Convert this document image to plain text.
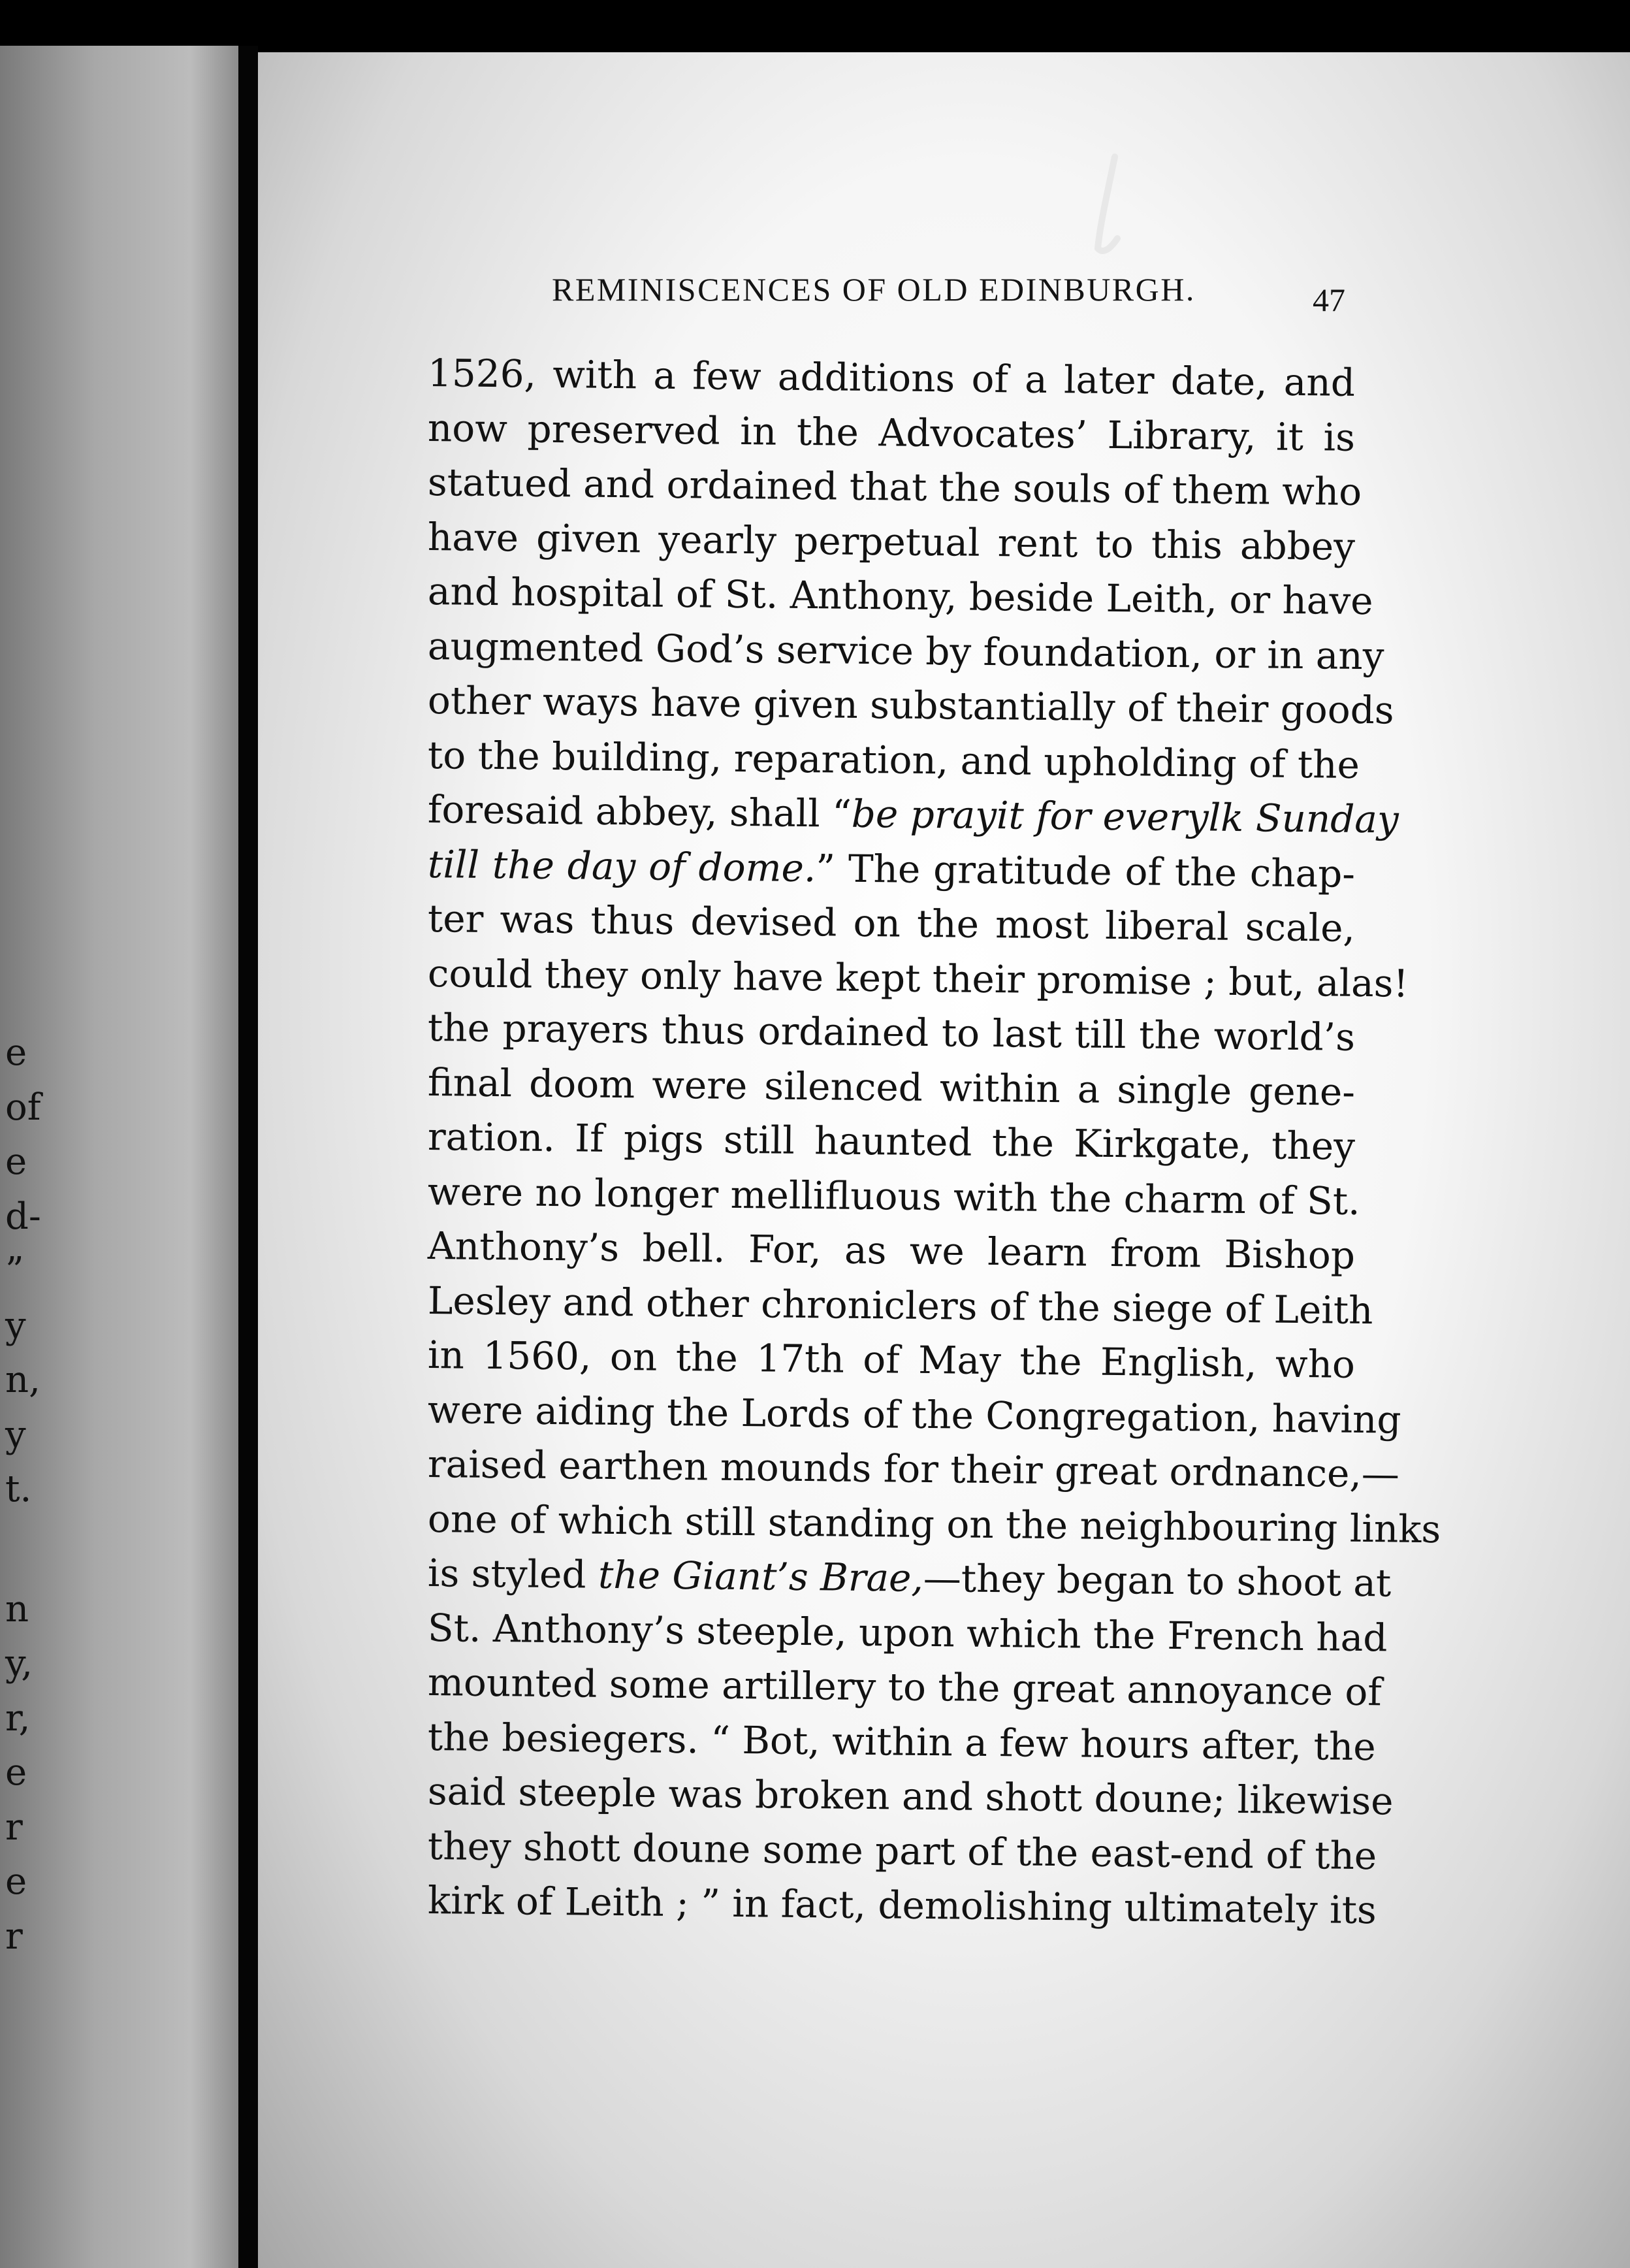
e
of
e
d-
”
y
n,
y
t.
n
y,
r,
e
r
e
r
REMINISCENCES OF OLD EDINBURGH.	47
1526, with a few additions of a later date, and
now preserved in the Advocates’ Library, it is
statued and ordained that the souls of them who
have given yearly perpetual rent to this abbey
and hospital of St. Anthony, beside Leith, or have
augmented God’s service by foundation, or in any
other ways have given substantially of their goods
to the building, reparation, and upholding of the
foresaid abbey, shall “be prayit for everylk Sunday
till the day of dome.” The gratitude of the chap-
ter was thus devised on the most liberal scale,
could they only have kept their promise ; but, alas!
the prayers thus ordained to last till the world’s
final doom were silenced within a single gene-
ration. If pigs still haunted the Kirkgate, they
were no longer mellifluous with the charm of St.
Anthony’s bell. For, as we learn from Bishop
Lesley and other chroniclers of the siege of Leith
in 1560, on the 17th of May the English, who
were aiding the Lords of the Congregation, having
raised earthen mounds for their great ordnance,—
one of which still standing on the neighbouring links
is styled the Giant’s Brae,—they began to shoot at
St. Anthony’s steeple, upon which the French had
mounted some artillery to the great annoyance of
the besiegers. “ Bot, within a few hours after, the
said steeple was broken and shott doune; likewise
they shott doune some part of the east-end of the
kirk of Leith ; ” in fact, demolishing ultimately its
